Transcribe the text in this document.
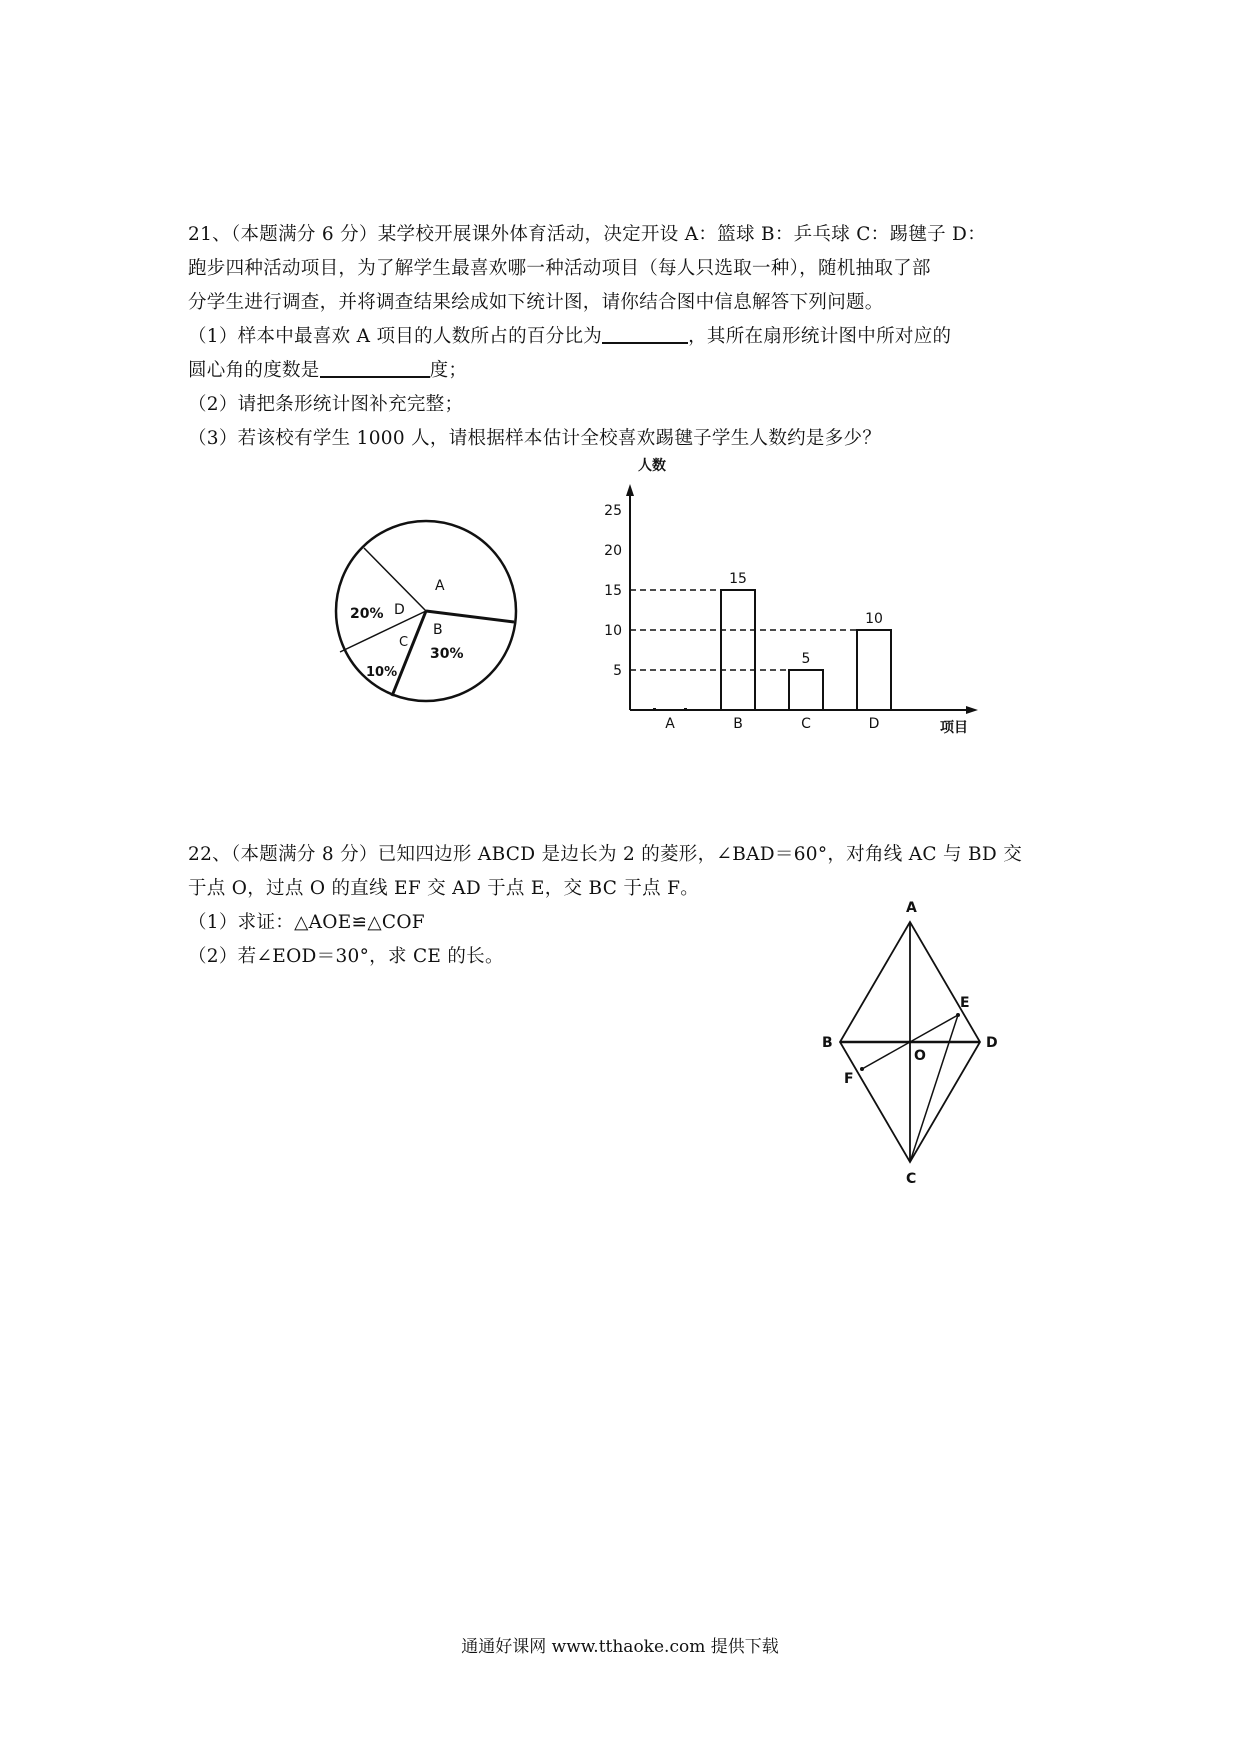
21、（本题满分 6 分）某学校开展课外体育活动，决定开设 A：篮球 B：乒乓球 C：踢毽子 D：

跑步四种活动项目，为了解学生最喜欢哪一种活动项目（每人只选取一种），随机抽取了部

分学生进行调查，并将调查结果绘成如下统计图，请你结合图中信息解答下列问题。

（1）样本中最喜欢 A 项目的人数所占的百分比为	，其所在扇形统计图中所对应的

圆心角的度数是	度；

（2）请把条形统计图补充完整；

（3）若该校有学生 1000 人，请根据样本估计全校喜欢踢毽子学生人数约是多少？

A
B
30%
C
10%
D
20%
人数
项目
5
10
15
20
25
15
5
10
A	B	C	D

22、（本题满分 8 分）已知四边形 ABCD 是边长为 2 的菱形，∠BAD＝60°，对角线 AC 与 BD 交

于点 O，过点 O 的直线 EF 交 AD 于点 E，交 BC 于点 F。

（1）求证：△AOE≌△COF

（2）若∠EOD＝30°，求 CE 的长。

A
B
C
D
E
F
O
通通好课网 www.tthaoke.com 提供下载
